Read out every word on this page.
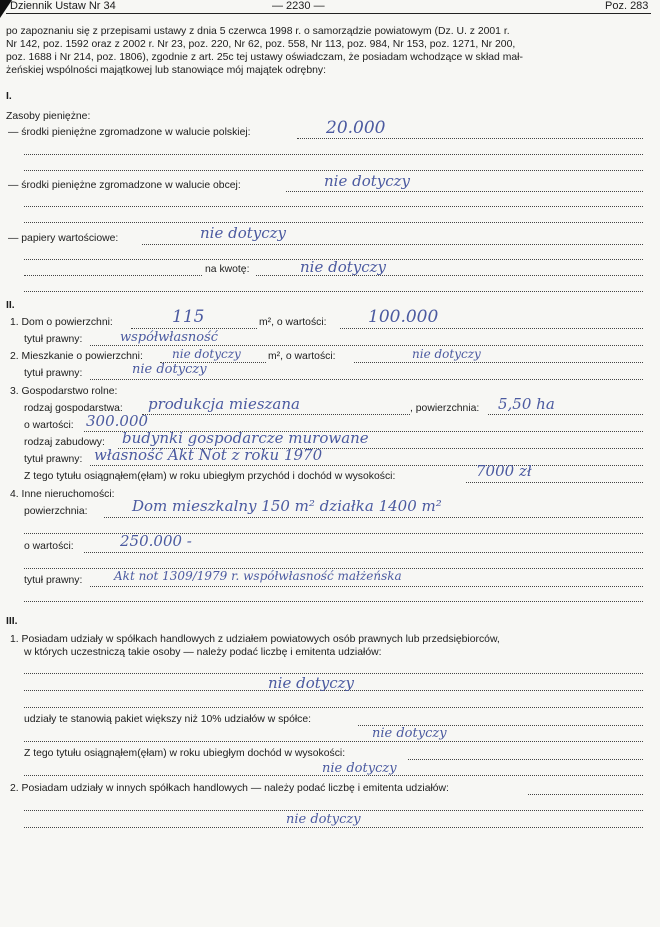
Dziennik Ustaw Nr 34	— 2230 —	Poz. 283
po zapoznaniu się z przepisami ustawy z dnia 5 czerwca 1998 r. o samorządzie powiatowym (Dz. U. z 2001 r.
Nr 142, poz. 1592 oraz z 2002 r. Nr 23, poz. 220, Nr 62, poz. 558, Nr 113, poz. 984, Nr 153, poz. 1271, Nr 200,
poz. 1688 i Nr 214, poz. 1806), zgodnie z art. 25c tej ustawy oświadczam, że posiadam wchodzące w skład mał-
żeńskiej wspólności majątkowej lub stanowiące mój majątek odrębny:
I.
Zasoby pieniężne:
— środki pieniężne zgromadzone w walucie polskiej:	20.000
— środki pieniężne zgromadzone w walucie obcej:	nie dotyczy
— papiery wartościowe:	nie dotyczy
na kwotę:	nie dotyczy
II.
1. Dom o powierzchni:	115	m², o wartości: 100.000
tytuł prawny:	współwłasność
2. Mieszkanie o powierzchni: nie dotyczy	m², o wartości:	nie dotyczy
tytuł prawny:	nie dotyczy
3. Gospodarstwo rolne:
rodzaj gospodarstwa: produkcja mieszana	, powierzchnia: 5,50 ha
o wartości: 300.000
rodzaj zabudowy: budynki gospodarcze murowane
tytuł prawny: własność Akt Not z roku 1970
Z tego tytułu osiągnąłem(ęłam) w roku ubiegłym przychód i dochód w wysokości:	7000 zł
4. Inne nieruchomości:
powierzchnia:	Dom mieszkalny 150 m² działka 1400 m²
o wartości:	250.000 -
tytuł prawny:	Akt not 1309/1979 r. współwłasność małżeńska
III.
1. Posiadam udziały w spółkach handlowych z udziałem powiatowych osób prawnych lub przedsiębiorców,
w których uczestniczą takie osoby — należy podać liczbę i emitenta udziałów:
nie dotyczy
udziały te stanowią pakiet większy niż 10% udziałów w spółce:
nie dotyczy
Z tego tytułu osiągnąłem(ęłam) w roku ubiegłym dochód w wysokości:
nie dotyczy
2. Posiadam udziały w innych spółkach handlowych — należy podać liczbę i emitenta udziałów:
nie dotyczy
